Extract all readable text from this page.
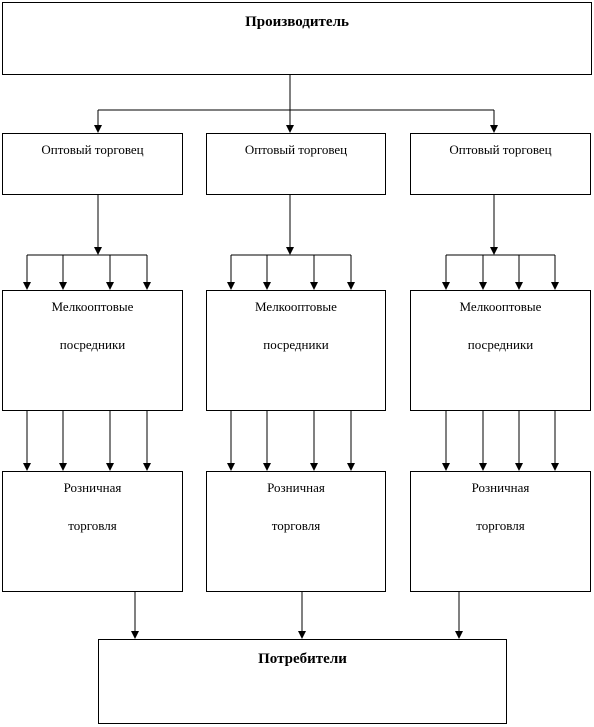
Производитель
Оптовый торговец	Оптовый торговец	Оптовый торговец
Мелкооптовые
посредники
Мелкооптовые
посредники
Мелкооптовые
посредники
Розничная
торговля
Розничная
торговля
Розничная
торговля
Потребители
